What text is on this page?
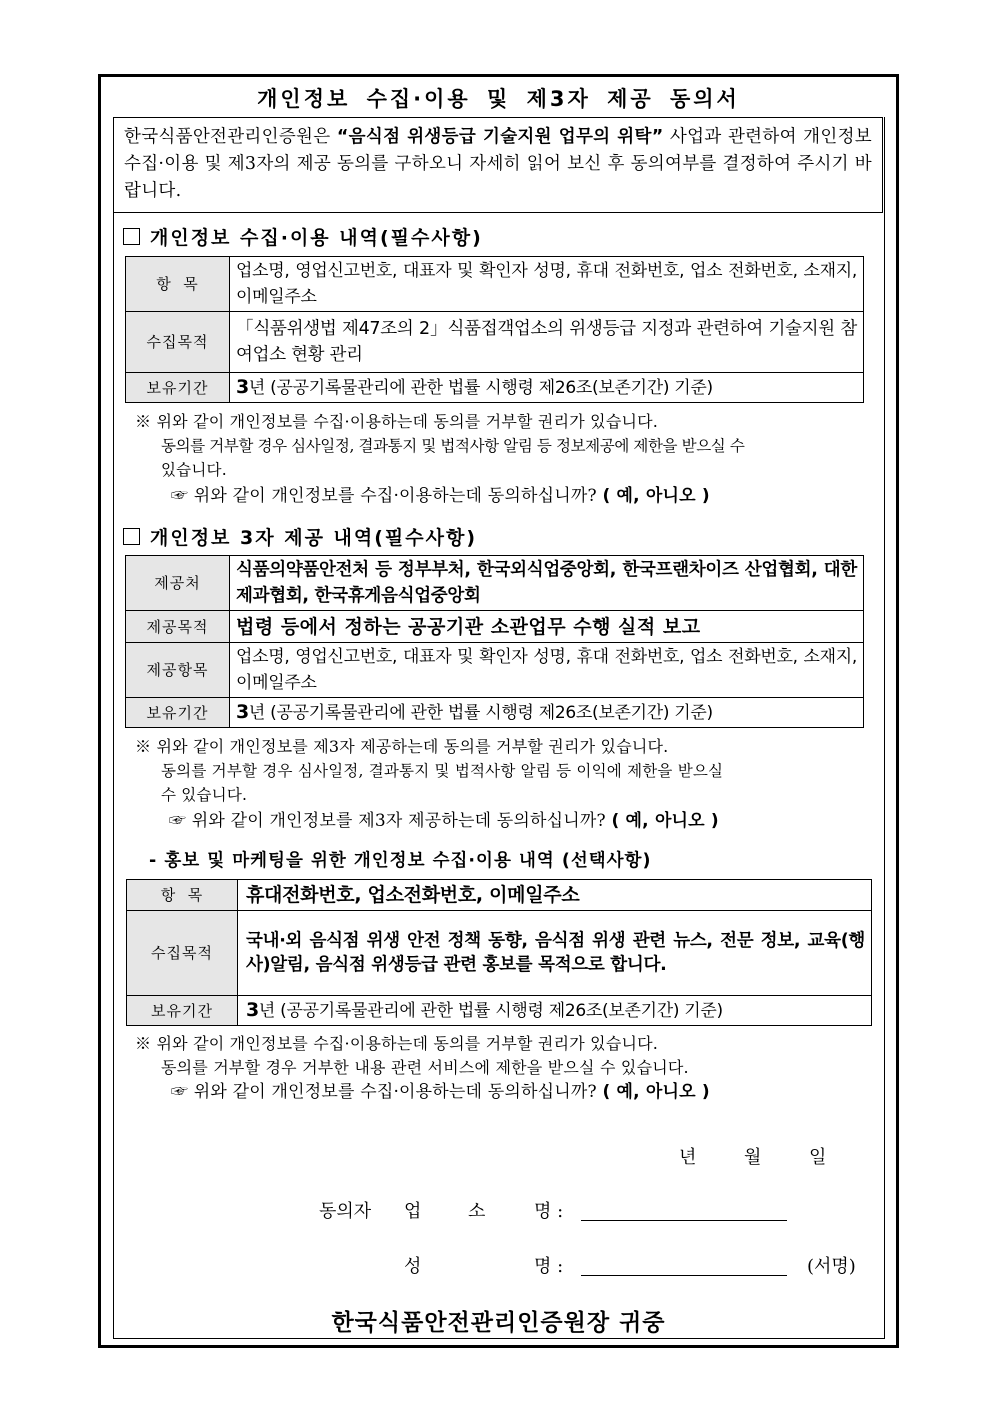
개인정보 수집·이용 및 제3자 제공 동의서
한국식품안전관리인증원은 “음식점 위생등급 기술지원 업무의 위탁” 사업과 관련하여 개인정보 수집·이용 및 제3자의 제공 동의를 구하오니 자세히 읽어 보신 후 동의여부를 결정하여 주시기 바랍니다.
개인정보 수집·이용 내역(필수사항)
항  목	업소명, 영업신고번호, 대표자 및 확인자 성명, 휴대 전화번호, 업소 전화번호, 소재지, 이메일주소
수집목적	「식품위생법 제47조의 2」식품접객업소의 위생등급 지정과 관련하여 기술지원 참여업소 현황 관리
보유기간	3년 (공공기록물관리에 관한 법률 시행령 제26조(보존기간) 기준)
※ 위와 같이 개인정보를 수집·이용하는데 동의를 거부할 권리가 있습니다.
동의를 거부할 경우 심사일정, 결과통지 및 법적사항 알림 등 정보제공에 제한을 받으실 수
있습니다.
☞ 위와 같이 개인정보를 수집·이용하는데 동의하십니까? ( 예, 아니오 )
개인정보 3자 제공 내역(필수사항)
제공처	식품의약품안전처 등 정부부처, 한국외식업중앙회, 한국프랜차이즈 산업협회, 대한제과협회, 한국휴게음식업중앙회
제공목적	법령 등에서 정하는 공공기관 소관업무 수행 실적 보고
제공항목	업소명, 영업신고번호, 대표자 및 확인자 성명, 휴대 전화번호, 업소 전화번호, 소재지, 이메일주소
보유기간	3년 (공공기록물관리에 관한 법률 시행령 제26조(보존기간) 기준)
※ 위와 같이 개인정보를 제3자 제공하는데 동의를 거부할 권리가 있습니다.
동의를 거부할 경우 심사일정, 결과통지 및 법적사항 알림 등 이익에 제한을 받으실
수 있습니다.
☞ 위와 같이 개인정보를 제3자 제공하는데 동의하십니까? ( 예, 아니오 )
- 홍보 및 마케팅을 위한 개인정보 수집·이용 내역 (선택사항)
항  목	휴대전화번호, 업소전화번호, 이메일주소
수집목적	국내·외 음식점 위생 안전 정책 동향, 음식점 위생 관련 뉴스, 전문 정보, 교육(행사)알림, 음식점 위생등급 관련 홍보를 목적으로 합니다.
보유기간	3년 (공공기록물관리에 관한 법률 시행령 제26조(보존기간) 기준)
※ 위와 같이 개인정보를 수집·이용하는데 동의를 거부할 권리가 있습니다.
동의를 거부할 경우 거부한 내용 관련 서비스에 제한을 받으실 수 있습니다.
☞ 위와 같이 개인정보를 수집·이용하는데 동의하십니까? ( 예, 아니오 )
년	월	일
동의자 업	소	명 :
성	명 :	(서명)
한국식품안전관리인증원장 귀중
